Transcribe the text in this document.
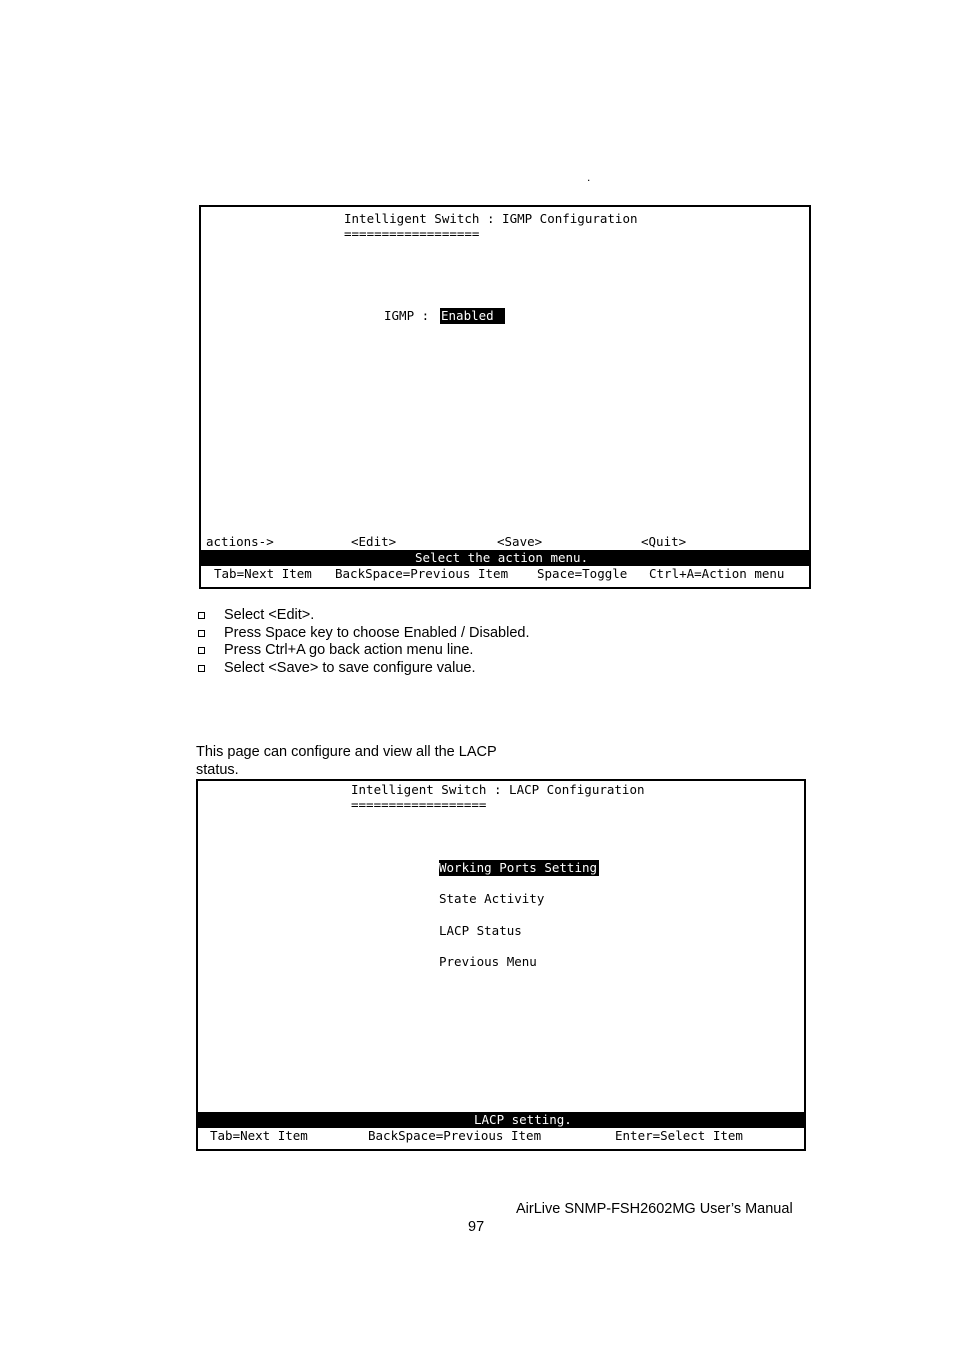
.
Intelligent Switch : IGMP Configuration
==================
IGMP : Enabled
actions->	<Edit>	<Save>	<Quit>

Select the action menu.

Tab=Next Item BackSpace=Previous Item Space=Toggle Ctrl+A=Action menu
Select <Edit>.
Press Space key to choose Enabled / Disabled.
Press Ctrl+A go back action menu line.
Select <Save> to save configure value.
This page can configure and view all the LACP
status.
Intelligent Switch : LACP Configuration
==================
Working Ports Setting
State Activity
LACP Status
Previous Menu

LACP setting.

Tab=Next Item	BackSpace=Previous Item	Enter=Select Item
AirLive SNMP-FSH2602MG User’s Manual
97
